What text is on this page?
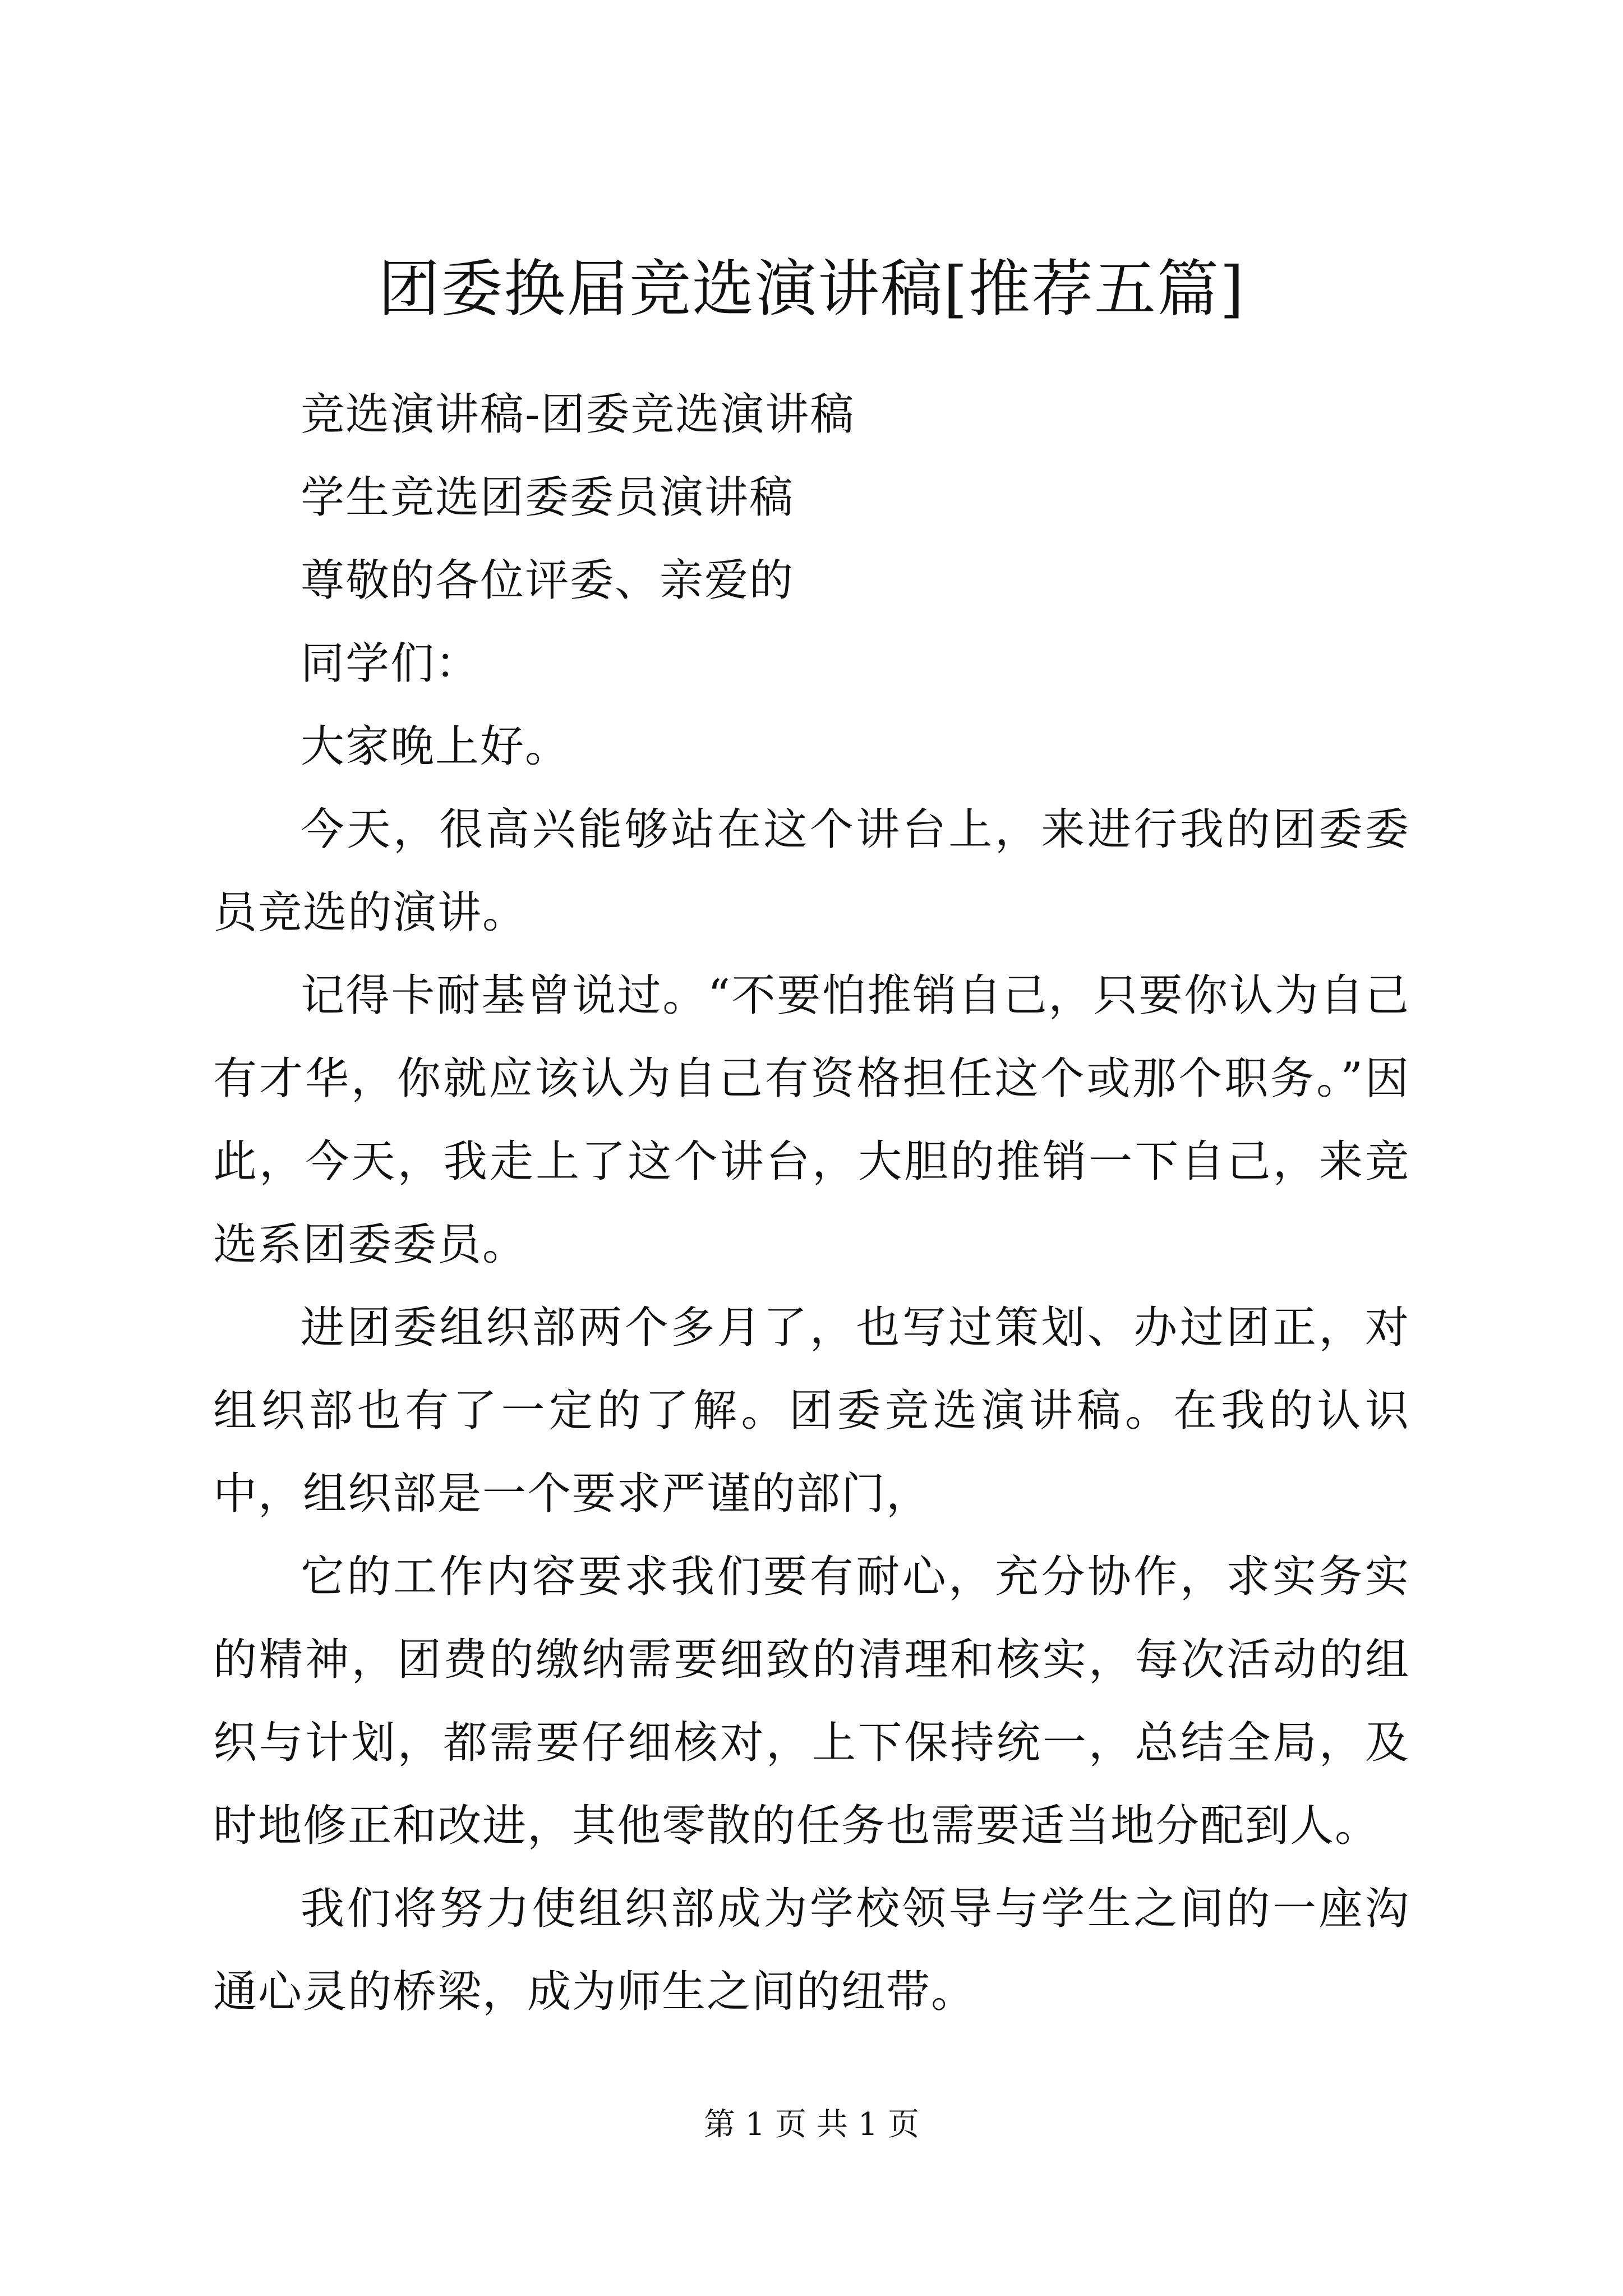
团委换届竞选演讲稿[推荐五篇]

竞选演讲稿-团委竞选演讲稿

学生竞选团委委员演讲稿

尊敬的各位评委、亲爱的

同学们：

大家晚上好。

今天，很高兴能够站在这个讲台上，来进行我的团委委员竞选的演讲。

记得卡耐基曾说过。“不要怕推销自己，只要你认为自己有才华，你就应该认为自己有资格担任这个或那个职务。”因此，今天，我走上了这个讲台，大胆的推销一下自己，来竞选系团委委员。

进团委组织部两个多月了，也写过策划、办过团正，对组织部也有了一定的了解。团委竞选演讲稿。在我的认识中，组织部是一个要求严谨的部门，

它的工作内容要求我们要有耐心，充分协作，求实务实的精神，团费的缴纳需要细致的清理和核实，每次活动的组织与计划，都需要仔细核对，上下保持统一，总结全局，及时地修正和改进，其他零散的任务也需要适当地分配到人。

我们将努力使组织部成为学校领导与学生之间的一座沟通心灵的桥梁，成为师生之间的纽带。

第 1 页 共 1 页
